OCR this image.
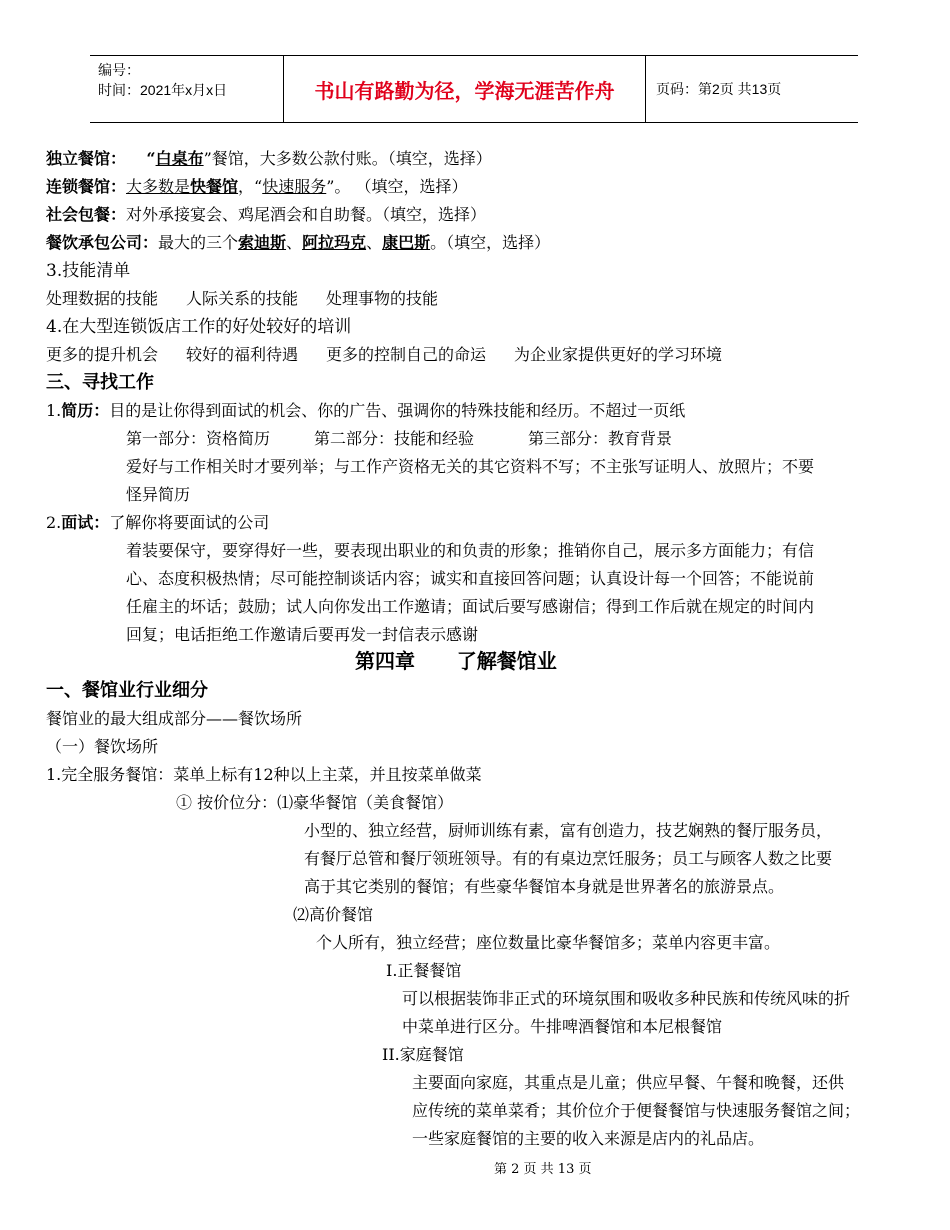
编号：
时间：2021年x月x日	书山有路勤为径，学海无涯苦作舟	页码：第2页 共13页
独立餐馆： “白桌布”餐馆，大多数公款付账。（填空，选择）
连锁餐馆：大多数是快餐馆，“快速服务”。 （填空，选择）
社会包餐：对外承接宴会、鸡尾酒会和自助餐。（填空，选择）
餐饮承包公司：最大的三个索迪斯、阿拉玛克、康巴斯。（填空，选择）
3.技能清单
处理数据的技能 人际关系的技能 处理事物的技能
4.在大型连锁饭店工作的好处较好的培训
更多的提升机会 较好的福利待遇 更多的控制自己的命运 为企业家提供更好的学习环境
三、寻找工作
1.简历：目的是让你得到面试的机会、你的广告、强调你的特殊技能和经历。不超过一页纸
第一部分：资格简历	第二部分：技能和经验	第三部分：教育背景
爱好与工作相关时才要列举；与工作产资格无关的其它资料不写；不主张写证明人、放照片；不要
怪异简历
2.面试：了解你将要面试的公司
着装要保守，要穿得好一些，要表现出职业的和负责的形象；推销你自己，展示多方面能力；有信
心、态度积极热情；尽可能控制谈话内容；诚实和直接回答问题；认真设计每一个回答；不能说前
任雇主的坏话；鼓励；试人向你发出工作邀请；面试后要写感谢信；得到工作后就在规定的时间内
回复；电话拒绝工作邀请后要再发一封信表示感谢
第四章      了解餐馆业
一、餐馆业行业细分
餐馆业的最大组成部分——餐饮场所
（一）餐饮场所
1.完全服务餐馆：菜单上标有12种以上主菜，并且按菜单做菜
① 按价位分：⑴豪华餐馆（美食餐馆）
小型的、独立经营，厨师训练有素，富有创造力，技艺娴熟的餐厅服务员，
有餐厅总管和餐厅领班领导。有的有桌边烹饪服务；员工与顾客人数之比要
高于其它类别的餐馆；有些豪华餐馆本身就是世界著名的旅游景点。
⑵高价餐馆
个人所有，独立经营；座位数量比豪华餐馆多；菜单内容更丰富。
I.正餐餐馆
可以根据装饰非正式的环境氛围和吸收多种民族和传统风味的折
中菜单进行区分。牛排啤酒餐馆和本尼根餐馆
II.家庭餐馆
主要面向家庭，其重点是儿童；供应早餐、午餐和晚餐，还供
应传统的菜单菜肴；其价位介于便餐餐馆与快速服务餐馆之间；
一些家庭餐馆的主要的收入来源是店内的礼品店。
第 2 页 共 13 页
